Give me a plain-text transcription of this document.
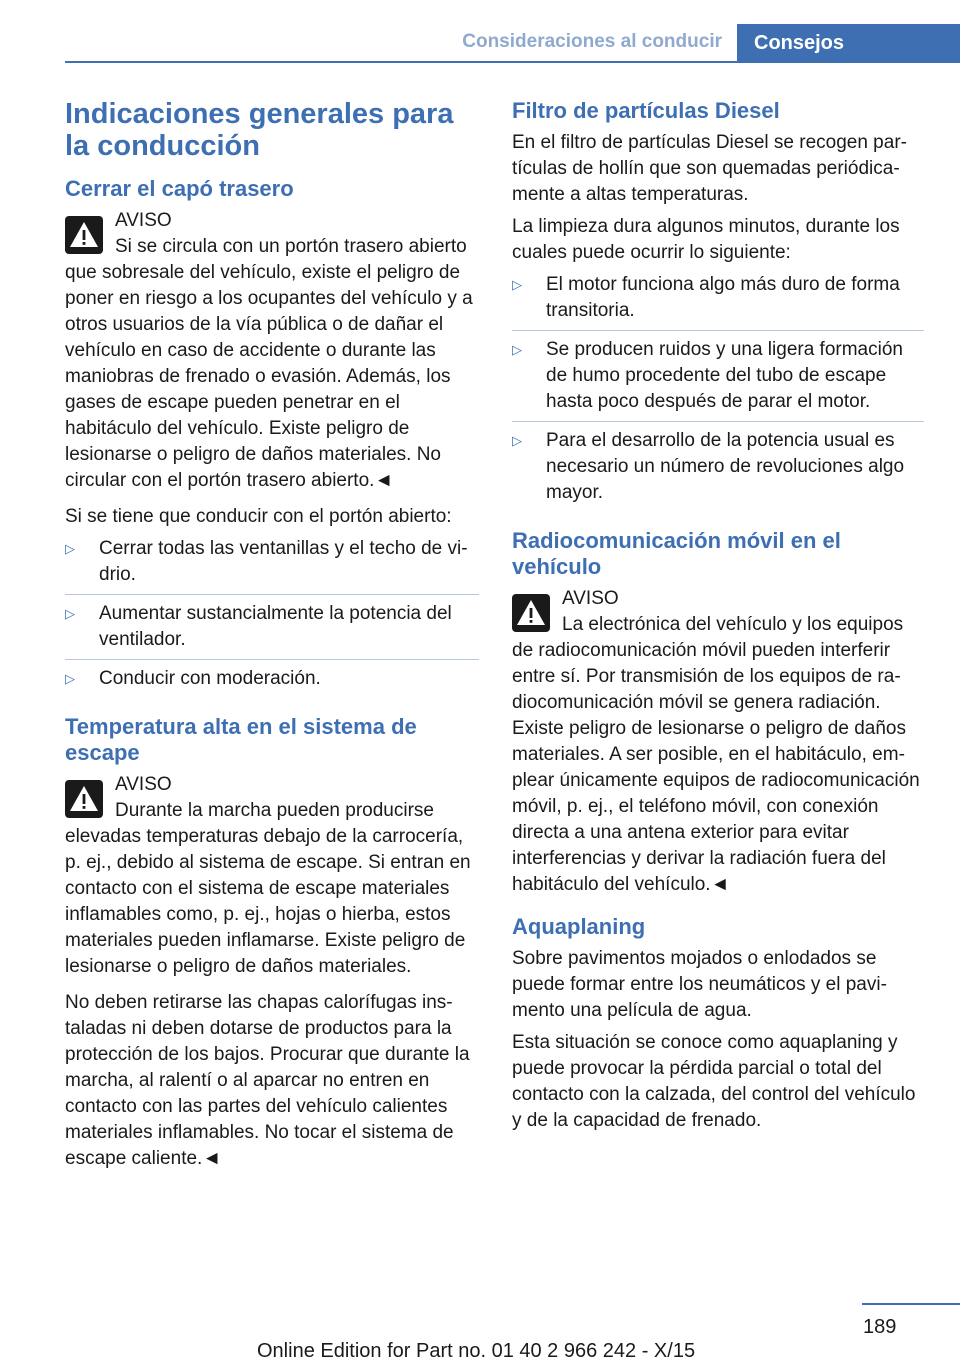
Consideraciones al conducir	Consejos
Indicaciones generales para la conducción
Cerrar el capó trasero
AVISO
Si se circula con un portón trasero abierto que sobresale del vehículo, existe el peligro de poner en riesgo a los ocupantes del vehículo y a otros usuarios de la vía pública o de dañar el vehículo en caso de accidente o durante las maniobras de frenado o evasión. Además, los gases de escape pueden penetrar en el habitáculo del vehículo. Existe peligro de lesionarse o peligro de daños materiales. No circular con el portón trasero abierto.◄

Si se tiene que conducir con el portón abierto:

▷ Cerrar todas las ventanillas y el techo de vidrio.
▷ Aumentar sustancialmente la potencia del ventilador.
▷ Conducir con moderación.
Temperatura alta en el sistema de escape
AVISO
Durante la marcha pueden producirse elevadas temperaturas debajo de la carrocería, p. ej., debido al sistema de escape. Si entran en contacto con el sistema de escape materiales inflamables como, p. ej., hojas o hierba, estos materiales pueden inflamarse. Existe peligro de lesionarse o peligro de daños materiales.

No deben retirarse las chapas calorífugas instaladas ni deben dotarse de productos para la protección de los bajos. Procurar que durante la marcha, al ralentí o al aparcar no entren en contacto con las partes del vehículo calientes materiales inflamables. No tocar el sistema de escape caliente.◄

Filtro de partículas Diesel

En el filtro de partículas Diesel se recogen partículas de hollín que son quemadas periódicamente a altas temperaturas.

La limpieza dura algunos minutos, durante los cuales puede ocurrir lo siguiente:

▷ El motor funciona algo más duro de forma transitoria.
▷ Se producen ruidos y una ligera formación de humo procedente del tubo de escape hasta poco después de parar el motor.
▷ Para el desarrollo de la potencia usual es necesario un número de revoluciones algo mayor.
Radiocomunicación móvil en el vehículo
AVISO
La electrónica del vehículo y los equipos de radiocomunicación móvil pueden interferir entre sí. Por transmisión de los equipos de radiocomunicación móvil se genera radiación. Existe peligro de lesionarse o peligro de daños materiales. A ser posible, en el habitáculo, emplear únicamente equipos de radiocomunicación móvil, p. ej., el teléfono móvil, con conexión directa a una antena exterior para evitar interferencias y derivar la radiación fuera del habitáculo del vehículo.◄
Aquaplaning

Sobre pavimentos mojados o enlodados se puede formar entre los neumáticos y el pavimento una película de agua.

Esta situación se conoce como aquaplaning y puede provocar la pérdida parcial o total del contacto con la calzada, del control del vehículo y de la capacidad de frenado.

189
Online Edition for Part no. 01 40 2 966 242 - X/15
